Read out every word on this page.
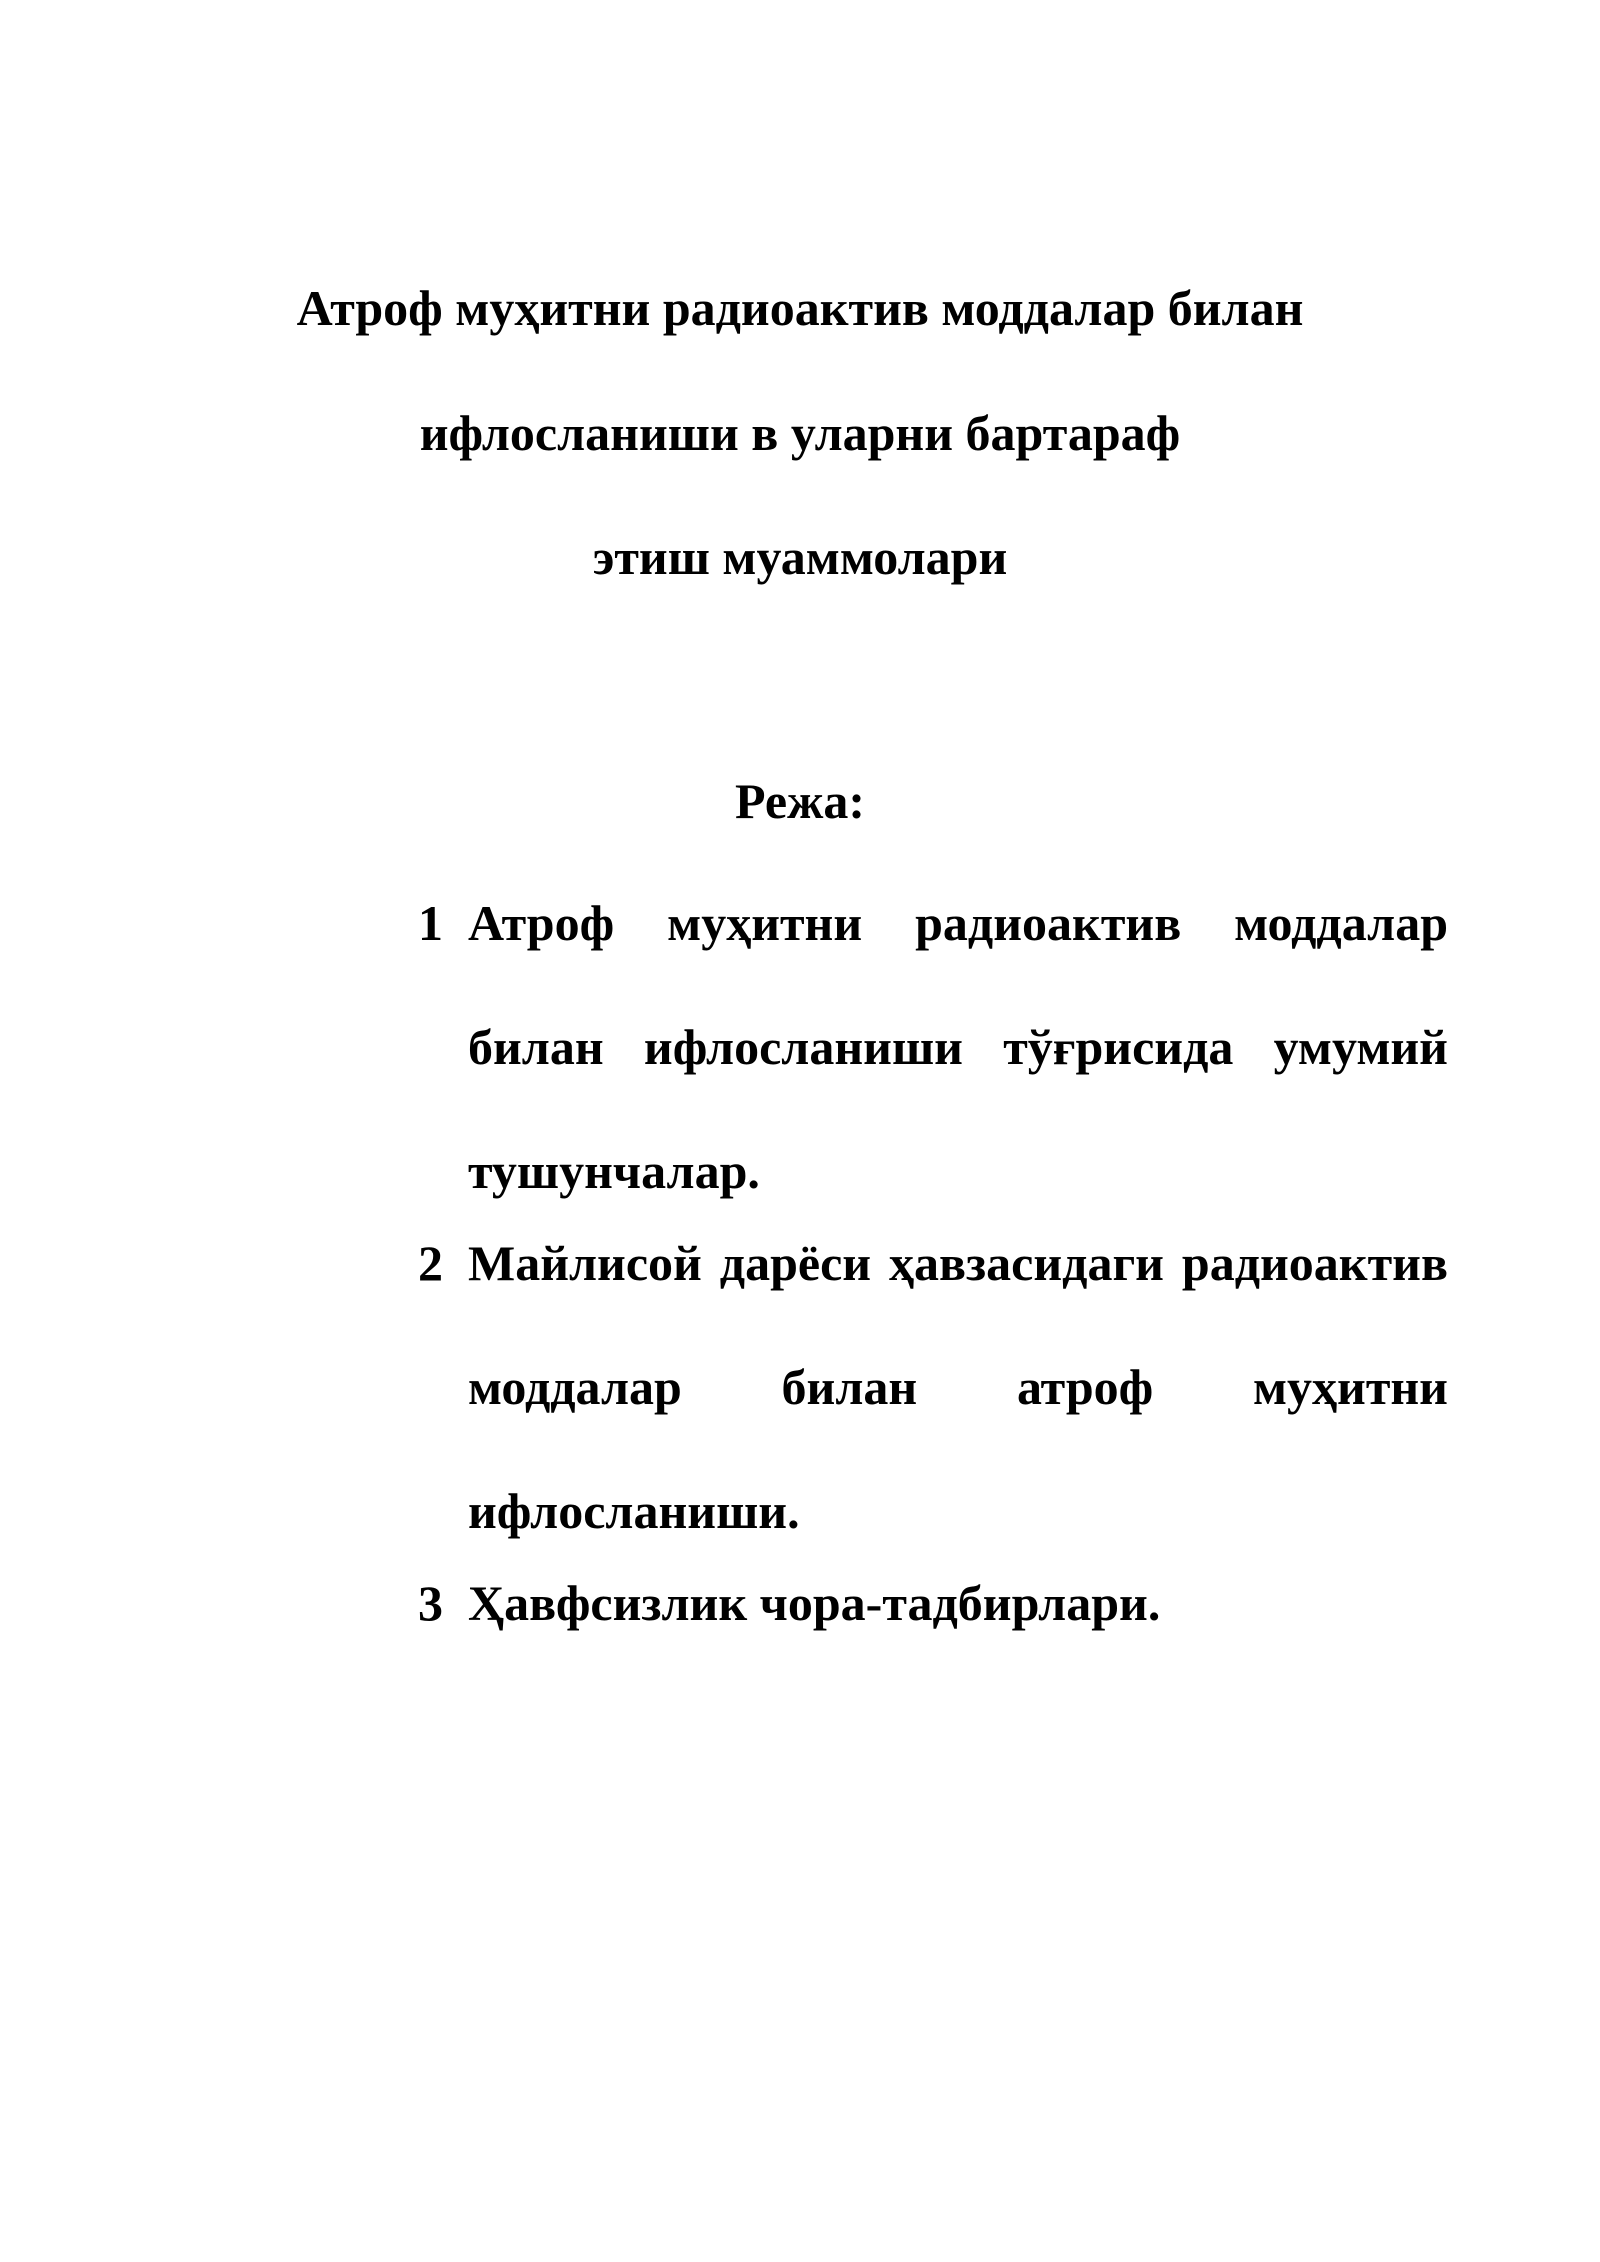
Атроф муҳитни радиоактив моддалар билан
ифлосланиши в уларни бартараф
этиш муаммолари
Режа:
1 Атроф муҳитни радиоактив моддалар билан ифлосланиши тўғрисида умумий тушунчалар.
2 Майлисой дарёси ҳавзасидаги радиоактив моддалар билан атроф муҳитни ифлосланиши.
3 Ҳавфсизлик чора-тадбирлари.
